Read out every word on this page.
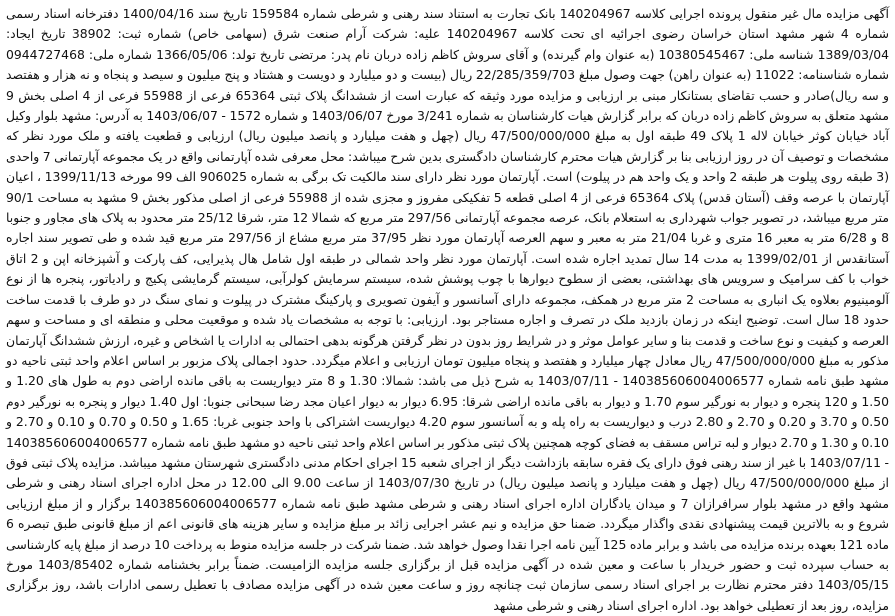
آگهی مزایده مال غیر منقول پرونده اجرایی کلاسه 140204967 بانک تجارت به استناد سند رهنی و شرطی شماره 159584 تاریخ سند 1400/04/16 دفترخانه اسناد رسمی شماره 4 شهر مشهد استان خراسان رضوی اجرائیه ای تحت کلاسه 140204967 علیه: شرکت آرام صنعت شرق (سهامی خاص) شماره ثبت: 38902 تاریخ ایجاد: 1389/03/04 شناسه ملی: 10380545467 (به عنوان وام گیرنده) و آقای سروش کاظم زاده دربان نام پدر: مرتضی تاریخ تولد: 1366/05/06 شماره ملی: 0944727468 شماره شناسنامه: 11022 (به عنوان راهن) جهت وصول مبلغ 22/285/359/703 ریال (بیست و دو میلیارد و دویست و هشتاد و پنج میلیون و سیصد و پنجاه و نه هزار و هفتصد و سه ریال)صادر و حسب تقاضای بستانکار مبنی بر ارزیابی و مزایده مورد وثیقه که عبارت است از ششدانگ پلاک ثبتی 65364 فرعی از 55988 فرعی از 4 اصلی بخش 9 مشهد متعلق به سروش کاظم زاده دربان که برابر گزارش هیات کارشناسان به شماره 3/241 مورخ 1403/06/07 و شماره 1572 - 1403/06/07 به آدرس: مشهد بلوار وکیل آباد خیابان کوثر خیابان لاله 1 پلاک 49 طبقه اول به مبلغ 47/500/000/000 ریال (چهل و هفت میلیارد و پانصد میلیون ریال) ارزیابی و قطعیت یافته و ملک مورد نظر که مشخصات و توصیف آن در روز ارزیابی بنا بر گزارش هیات محترم کارشناسان دادگستری بدین شرح میباشد: محل معرفی شده آپارتمانی واقع در یک مجموعه آپارتمانی 7 واحدی (3 طبقه روی پیلوت هر طبقه 2 واحد و یک واحد هم در پیلوت) است. آپارتمان مورد نظر دارای سند مالکیت تک برگی به شماره 906025 الف 99 مورخه 1399/11/13 ، اعیان آپارتمان با عرصه وقف (آستان قدس) پلاک 65364 فرعی از 4 اصلی قطعه 5 تفکیکی مفروز و مجزی شده از 55988 فرعی از اصلی مذکور بخش 9 مشهد به مساحت 90/1 متر مربع میباشد، در تصویر جواب شهرداری به استعلام بانک، عرصه مجموعه آپارتمانی 297/56 متر مربع که شمالا 12 متر، شرقا 25/12 متر محدود به پلاک های مجاور و جنوبا 8 و 6/28 متر به معبر 16 متری و غربا 21/04 متر به معبر و سهم العرصه آپارتمان مورد نظر 37/95 متر مربع مشاع از 297/56 متر مربع قید شده و طی تصویر سند اجاره آستانقدس از 1399/02/01 به مدت 14 سال تمدید اجاره شده است. آپارتمان مورد نظر واحد شمالی در طبقه اول شامل هال پذیرایی، کف پارکت و آشپزخانه اپن و 2 اتاق خواب با کف سرامیک و سرویس های بهداشتی، بعضی از سطوح دیوارها با چوب پوشش شده، سیستم سرمایش کولرآبی، سیستم گرمایشی پکیج و رادیاتور، پنجره ها از نوع آلومینیوم بعلاوه یک انباری به مساحت 2 متر مربع در همکف، مجموعه دارای آسانسور و آیفون تصویری و پارکینگ مشترک در پیلوت و نمای سنگ در دو طرف با قدمت ساخت حدود 18 سال است. توضیح اینکه در زمان بازدید ملک در تصرف و اجاره مستاجر بود. ارزیابی: با توجه به مشخصات یاد شده و موقعیت محلی و منطقه ای و مساحت و سهم العرصه و کیفیت و نوع ساخت و قدمت بنا و سایر عوامل موثر و در شرایط روز بدون در نظر گرفتن هرگونه بدهی احتمالی به ادارات یا اشخاص و غیره، ارزش ششدانگ آپارتمان مذکور به مبلغ 47/500/000/000 ریال معادل چهار میلیارد و هفتصد و پنجاه میلیون تومان ارزیابی و اعلام میگردد. حدود اجمالی پلاک مزبور بر اساس اعلام واحد ثبتی ناحیه دو مشهد طبق نامه شماره 140385606004006577 - 1403/07/11 به شرح ذیل می باشد: شمالا: 1.30 و 8 متر دیواریست به باقی مانده اراضی دوم به طول های 1.20 و 1.50 و 120 پنجره و دیوار به نورگیر سوم 1.70 و دیوار به باقی مانده اراضی شرقا: 6.95 دیوار به دیوار اعیان مجد رضا سبحانی جنوبا: اول 1.40 دیوار و پنجره به نورگیر دوم 0.50 و 3.70 و 0.20 و 2.70 و 2.80 درب و دیواریست به راه پله و به آسانسور سوم 4.20 دیواریست اشتراکی با واحد جنوبی غربا: 1.65 و 0.50 و 0.70 و 0.10 و 2.70 و 0.10 و 1.30 و 2.70 دیوار و لبه تراس مسقف به فضای کوچه همچنین پلاک ثبتی مذکور بر اساس اعلام واحد ثبتی ناحیه دو مشهد طبق نامه شماره 140385606004006577 - 1403/07/11 با غیر از سند رهنی فوق دارای یک فقره سابقه بازداشت دیگر از اجرای شعبه 15 اجرای احکام مدنی دادگستری شهرستان مشهد میباشد. مزایده پلاک ثبتی فوق از مبلغ 47/500/000/000 ریال (چهل و هفت میلیارد و پانصد میلیون ریال) در تاریخ 1403/07/30 از ساعت 9.00 الی 12.00 در محل اداره اجرای اسناد رهنی و شرطی مشهد واقع در مشهد بلوار سرافرازان 7 و میدان یادگاران اداره اجرای اسناد رهنی و شرطی مشهد طبق نامه شماره 140385606004006577 برگزار و از مبلغ ارزیابی شروع و به بالاترین قیمت پیشنهادی نقدی واگذار میگردد. ضمنا حق مزایده و نیم عشر اجرایی زائد بر مبلغ مزایده و سایر هزینه های قانونی اعم از مبلغ قانونی طبق تبصره 6 ماده 121 بعهده برنده مزایده می باشد و برابر ماده 125 آیین نامه اجرا نقدا وصول خواهد شد. ضمنا شرکت در جلسه مزایده منوط به پرداخت 10 درصد از مبلغ پایه کارشناسی به حساب سپرده ثبت و حضور خریدار با ساعت و معین شده در آگهی مزایده قبل از برگزاری جلسه مزایده الزامیست. ضمناً برابر بخشنامه شماره 1403/85402 مورخ 1403/05/15 دفتر محترم نظارت بر اجرای اسناد رسمی سازمان ثبت چنانچه روز و ساعت معین شده در آگهی مزایده مصادف با تعطیل رسمی ادارات باشد، روز برگزاری مزایده، روز بعد از تعطیلی خواهد بود. اداره اجرای اسناد رهنی و شرطی مشهد
